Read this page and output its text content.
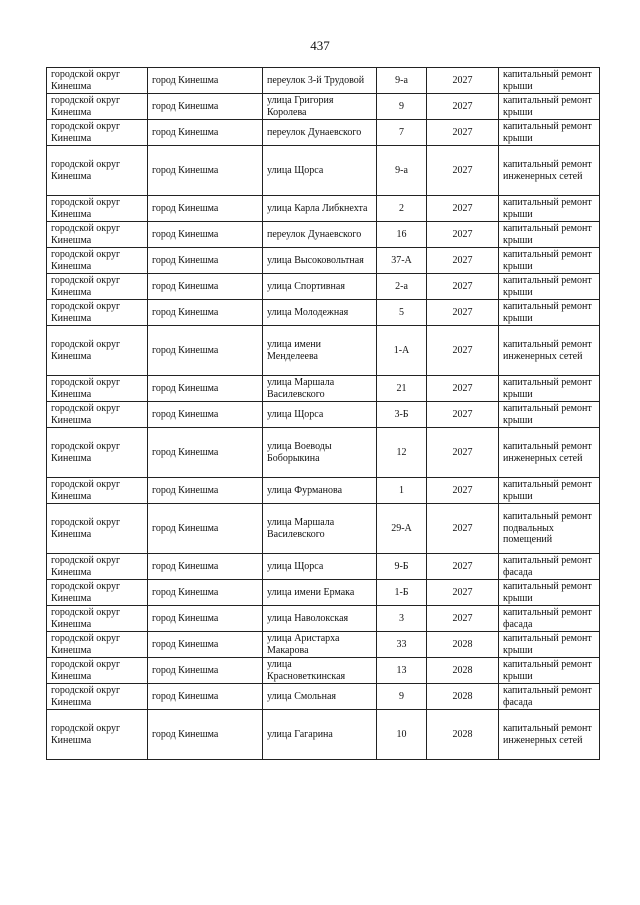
437
городской округ Кинешма	город Кинешма	переулок 3-й Трудовой	9-а	2027	капитальный ремонт крыши
городской округ Кинешма	город Кинешма	улица Григория Королева	9	2027	капитальный ремонт крыши
городской округ Кинешма	город Кинешма	переулок Дунаевского	7	2027	капитальный ремонт крыши
городской округ Кинешма	город Кинешма	улица Щорса	9-а	2027	капитальный ремонт инженерных сетей
городской округ Кинешма	город Кинешма	улица Карла Либкнехта	2	2027	капитальный ремонт крыши
городской округ Кинешма	город Кинешма	переулок Дунаевского	16	2027	капитальный ремонт крыши
городской округ Кинешма	город Кинешма	улица Высоковольтная	37-А	2027	капитальный ремонт крыши
городской округ Кинешма	город Кинешма	улица Спортивная	2-а	2027	капитальный ремонт крыши
городской округ Кинешма	город Кинешма	улица Молодежная	5	2027	капитальный ремонт крыши
городской округ Кинешма	город Кинешма	улица имени Менделеева	1-А	2027	капитальный ремонт инженерных сетей
городской округ Кинешма	город Кинешма	улица Маршала Василевского	21	2027	капитальный ремонт крыши
городской округ Кинешма	город Кинешма	улица Щорса	3-Б	2027	капитальный ремонт крыши
городской округ Кинешма	город Кинешма	улица Воеводы Боборыкина	12	2027	капитальный ремонт инженерных сетей
городской округ Кинешма	город Кинешма	улица Фурманова	1	2027	капитальный ремонт крыши
городской округ Кинешма	город Кинешма	улица Маршала Василевского	29-А	2027	капитальный ремонт подвальных помещений
городской округ Кинешма	город Кинешма	улица Щорса	9-Б	2027	капитальный ремонт фасада
городской округ Кинешма	город Кинешма	улица имени Ермака	1-Б	2027	капитальный ремонт крыши
городской округ Кинешма	город Кинешма	улица Наволокская	3	2027	капитальный ремонт фасада
городской округ Кинешма	город Кинешма	улица Аристарха Макарова	33	2028	капитальный ремонт крыши
городской округ Кинешма	город Кинешма	улица Красноветкинская	13	2028	капитальный ремонт крыши
городской округ Кинешма	город Кинешма	улица Смольная	9	2028	капитальный ремонт фасада
городской округ Кинешма	город Кинешма	улица Гагарина	10	2028	капитальный ремонт инженерных сетей
